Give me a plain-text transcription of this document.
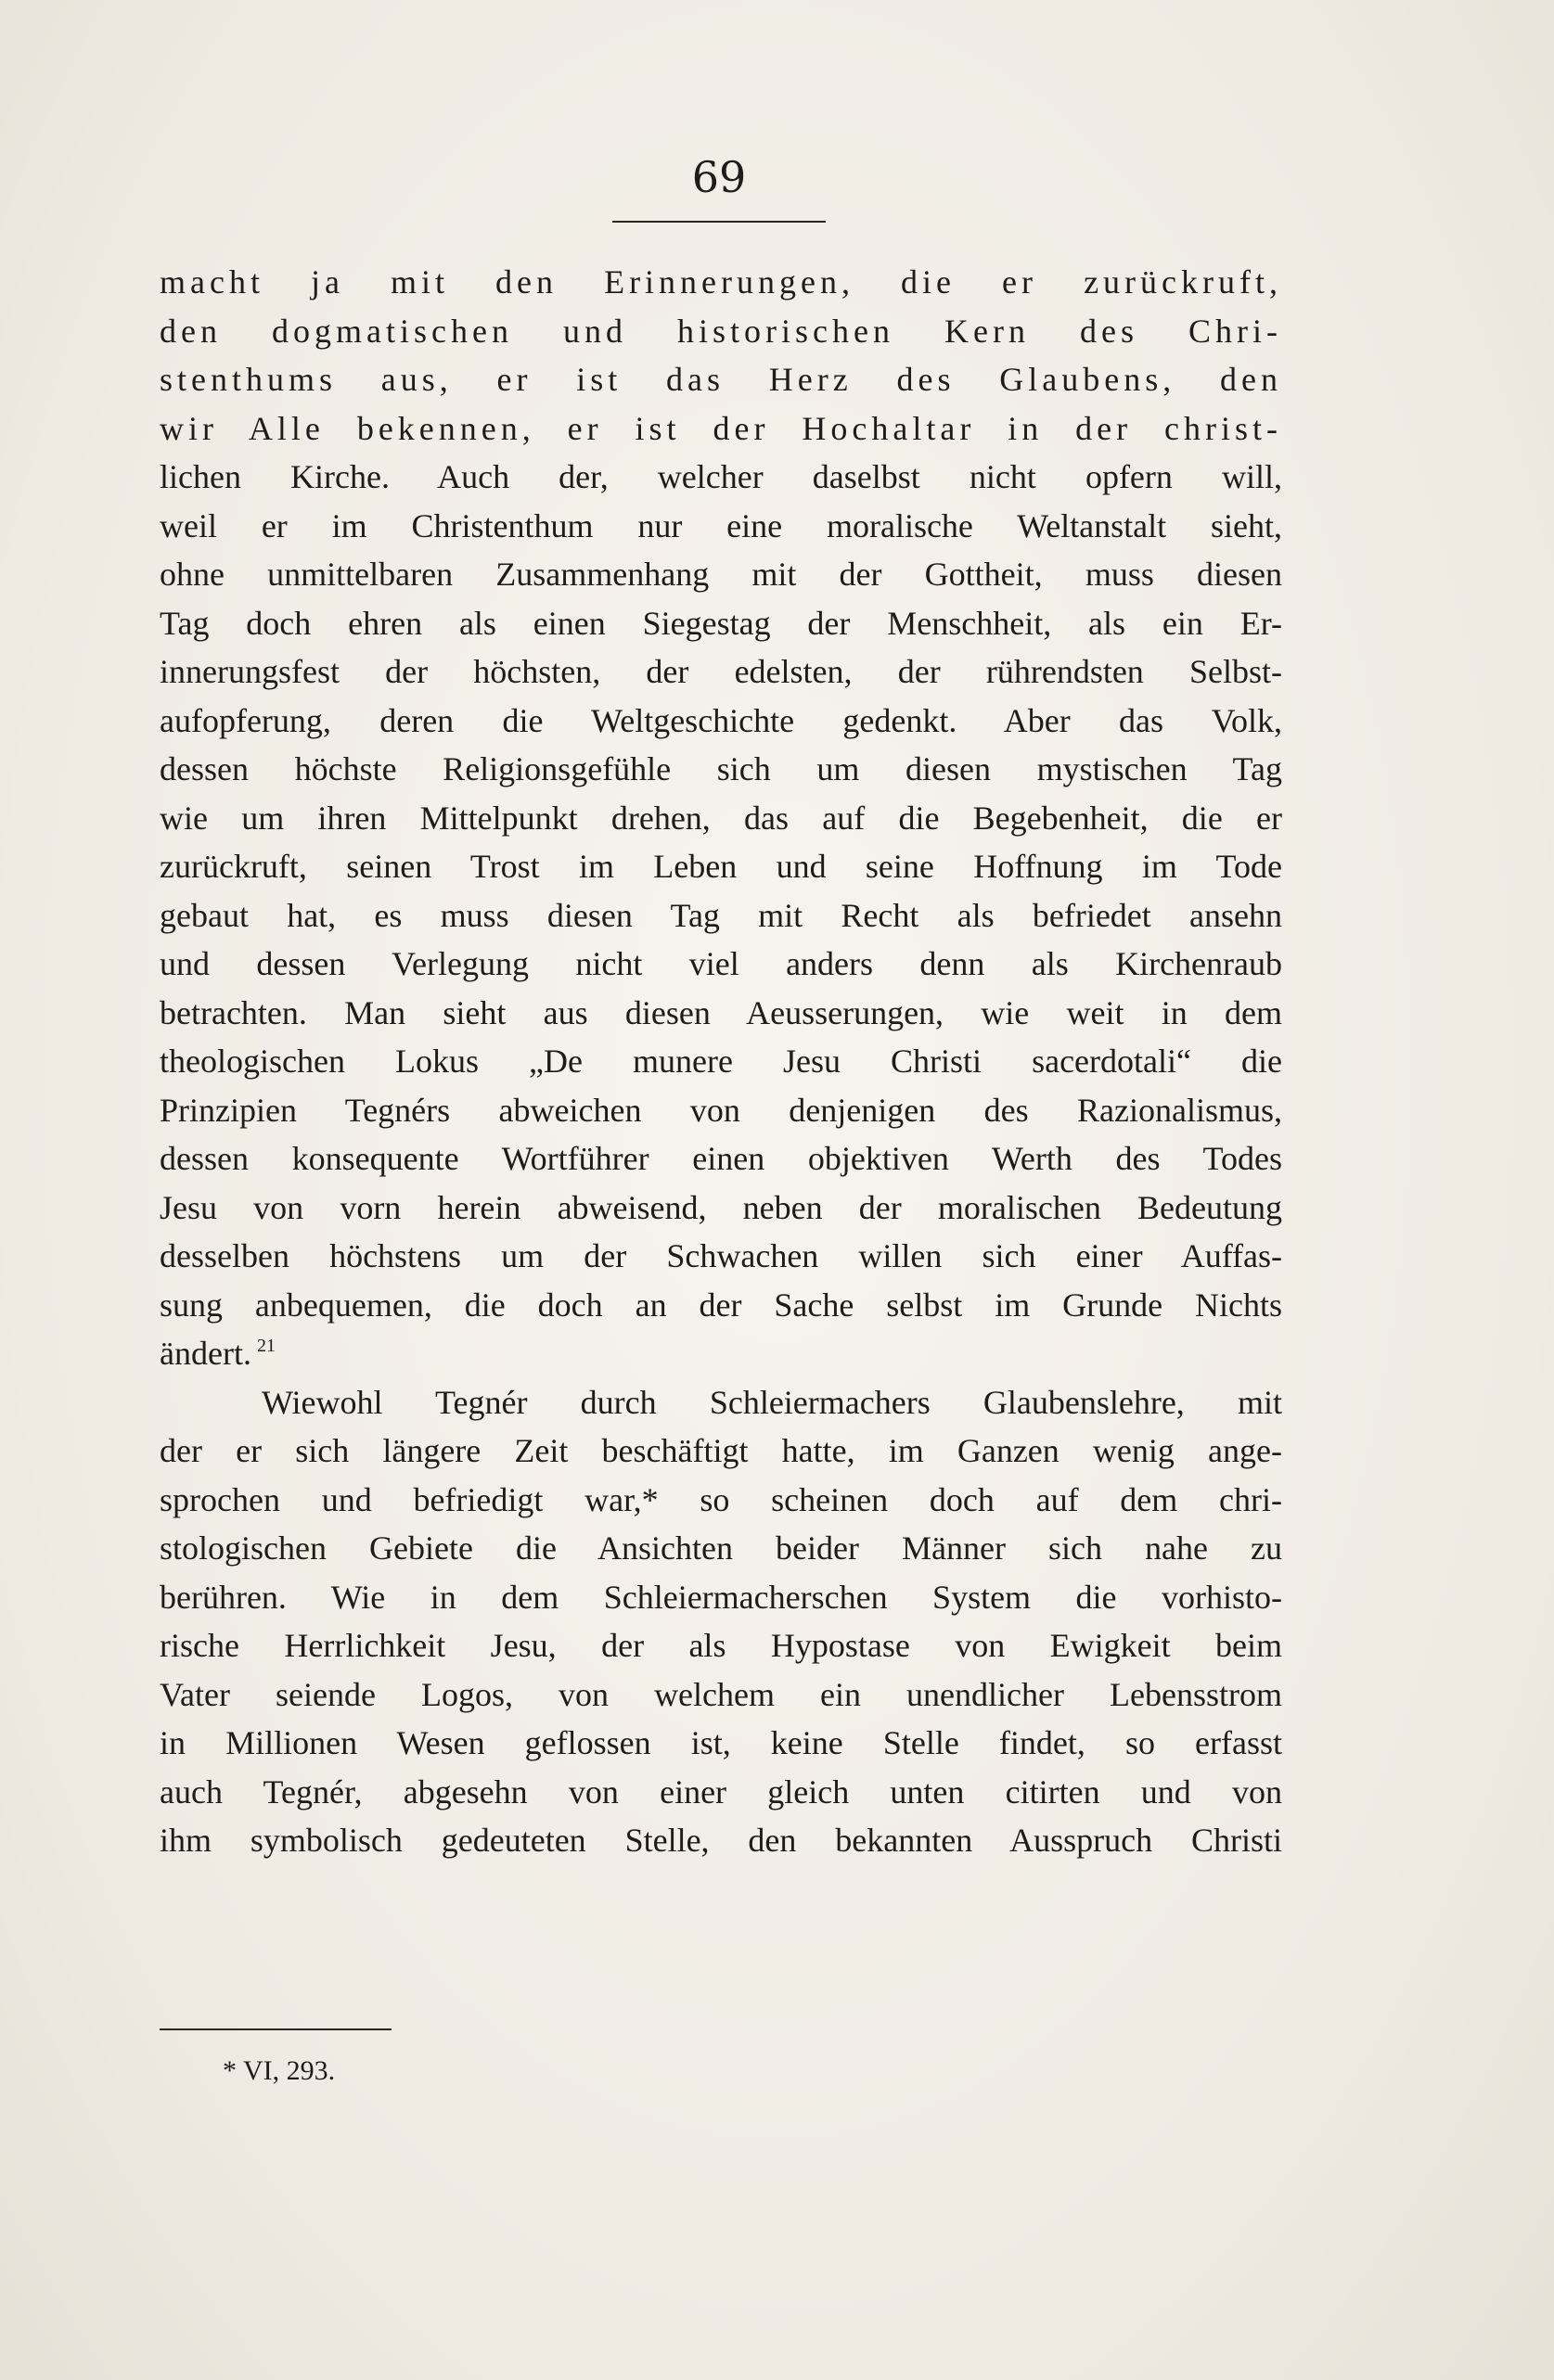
69
macht ja mit den Erinnerungen, die er zurückruft,
den dogmatischen und historischen Kern des Chri-
stenthums aus, er ist das Herz des Glaubens, den
wir Alle bekennen, er ist der Hochaltar in der christ-
lichen Kirche. Auch der, welcher daselbst nicht opfern will,
weil er im Christenthum nur eine moralische Weltanstalt sieht,
ohne unmittelbaren Zusammenhang mit der Gottheit, muss diesen
Tag doch ehren als einen Siegestag der Menschheit, als ein Er-
innerungsfest der höchsten, der edelsten, der rührendsten Selbst-
aufopferung, deren die Weltgeschichte gedenkt. Aber das Volk,
dessen höchste Religionsgefühle sich um diesen mystischen Tag
wie um ihren Mittelpunkt drehen, das auf die Begebenheit, die er
zurückruft, seinen Trost im Leben und seine Hoffnung im Tode
gebaut hat, es muss diesen Tag mit Recht als befriedet ansehn
und dessen Verlegung nicht viel anders denn als Kirchenraub
betrachten. Man sieht aus diesen Aeusserungen, wie weit in dem
theologischen Lokus „De munere Jesu Christi sacerdotali“ die
Prinzipien Tegnérs abweichen von denjenigen des Razionalismus,
dessen konsequente Wortführer einen objektiven Werth des Todes
Jesu von vorn herein abweisend, neben der moralischen Bedeutung
desselben höchstens um der Schwachen willen sich einer Auffas-
sung anbequemen, die doch an der Sache selbst im Grunde Nichts
ändert. $^{21}$
Wiewohl Tegnér durch Schleiermachers Glaubenslehre, mit
der er sich längere Zeit beschäftigt hatte, im Ganzen wenig ange-
sprochen und befriedigt war,* so scheinen doch auf dem chri-
stologischen Gebiete die Ansichten beider Männer sich nahe zu
berühren. Wie in dem Schleiermacherschen System die vorhisto-
rische Herrlichkeit Jesu, der als Hypostase von Ewigkeit beim
Vater seiende Logos, von welchem ein unendlicher Lebensstrom
in Millionen Wesen geflossen ist, keine Stelle findet, so erfasst
auch Tegnér, abgesehn von einer gleich unten citirten und von
ihm symbolisch gedeuteten Stelle, den bekannten Ausspruch Christi
* VI, 293.
